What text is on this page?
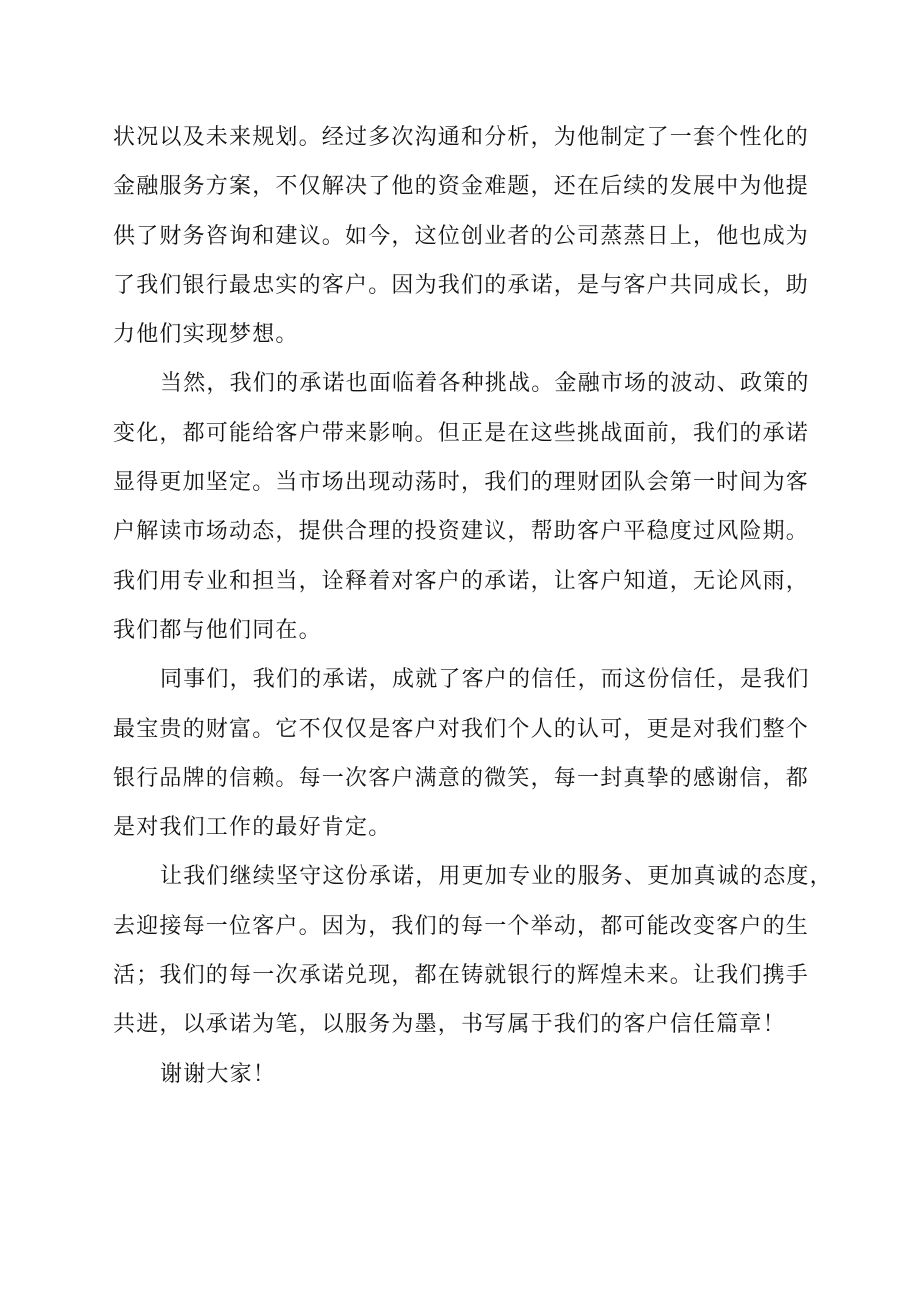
状况以及未来规划。经过多次沟通和分析，为他制定了一套个性化的
金融服务方案，不仅解决了他的资金难题，还在后续的发展中为他提
供了财务咨询和建议。如今，这位创业者的公司蒸蒸日上，他也成为
了我们银行最忠实的客户。因为我们的承诺，是与客户共同成长，助
力他们实现梦想。
当然，我们的承诺也面临着各种挑战。金融市场的波动、政策的
变化，都可能给客户带来影响。但正是在这些挑战面前，我们的承诺
显得更加坚定。当市场出现动荡时，我们的理财团队会第一时间为客
户解读市场动态，提供合理的投资建议，帮助客户平稳度过风险期。
我们用专业和担当，诠释着对客户的承诺，让客户知道，无论风雨，
我们都与他们同在。
同事们，我们的承诺，成就了客户的信任，而这份信任，是我们
最宝贵的财富。它不仅仅是客户对我们个人的认可，更是对我们整个
银行品牌的信赖。每一次客户满意的微笑，每一封真挚的感谢信，都
是对我们工作的最好肯定。
让我们继续坚守这份承诺，用更加专业的服务、更加真诚的态度，
去迎接每一位客户。因为，我们的每一个举动，都可能改变客户的生
活；我们的每一次承诺兑现，都在铸就银行的辉煌未来。让我们携手
共进，以承诺为笔，以服务为墨，书写属于我们的客户信任篇章！
谢谢大家！
